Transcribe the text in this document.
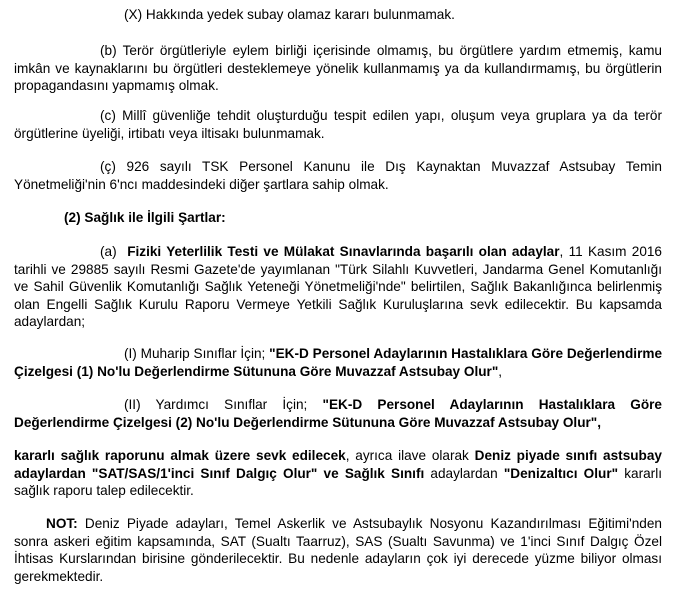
(X) Hakkında yedek subay olamaz kararı bulunmamak.

(b) Terör örgütleriyle eylem birliği içerisinde olmamış, bu örgütlere yardım etmemiş, kamu imkân ve kaynaklarını bu örgütleri desteklemeye yönelik kullanmamış ya da kullandırmamış, bu örgütlerin propagandasını yapmamış olmak.

(c) Millî güvenliğe tehdit oluşturduğu tespit edilen yapı, oluşum veya gruplara ya da terör örgütlerine üyeliği, irtibatı veya iltisakı bulunmamak.

(ç) 926 sayılı TSK Personel Kanunu ile Dış Kaynaktan Muvazzaf Astsubay Temin Yönetmeliği'nin 6'ncı maddesindeki diğer şartlara sahip olmak.

(2) Sağlık ile İlgili Şartlar:

(a) Fiziki Yeterlilik Testi ve Mülakat Sınavlarında başarılı olan adaylar, 11 Kasım 2016 tarihli ve 29885 sayılı Resmi Gazete'de yayımlanan "Türk Silahlı Kuvvetleri, Jandarma Genel Komutanlığı ve Sahil Güvenlik Komutanlığı Sağlık Yeteneği Yönetmeliği'nde" belirtilen, Sağlık Bakanlığınca belirlenmiş olan Engelli Sağlık Kurulu Raporu Vermeye Yetkili Sağlık Kuruluşlarına sevk edilecektir. Bu kapsamda adaylardan;

(I) Muharip Sınıflar İçin; "EK-D Personel Adaylarının Hastalıklara Göre Değerlendirme Çizelgesi (1) No'lu Değerlendirme Sütununa Göre Muvazzaf Astsubay Olur",

(II) Yardımcı Sınıflar İçin; "EK-D Personel Adaylarının Hastalıklara Göre Değerlendirme Çizelgesi (2) No'lu Değerlendirme Sütununa Göre Muvazzaf Astsubay Olur",

kararlı sağlık raporunu almak üzere sevk edilecek, ayrıca ilave olarak Deniz piyade sınıfı astsubay adaylardan "SAT/SAS/1'inci Sınıf Dalgıç Olur" ve Sağlık Sınıfı adaylardan "Denizaltıcı Olur" kararlı sağlık raporu talep edilecektir.

NOT: Deniz Piyade adayları, Temel Askerlik ve Astsubaylık Nosyonu Kazandırılması Eğitimi'nden sonra askeri eğitim kapsamında, SAT (Sualtı Taarruz), SAS (Sualtı Savunma) ve 1'inci Sınıf Dalgıç Özel İhtisas Kurslarından birisine gönderilecektir. Bu nedenle adayların çok iyi derecede yüzme biliyor olması gerekmektedir.
